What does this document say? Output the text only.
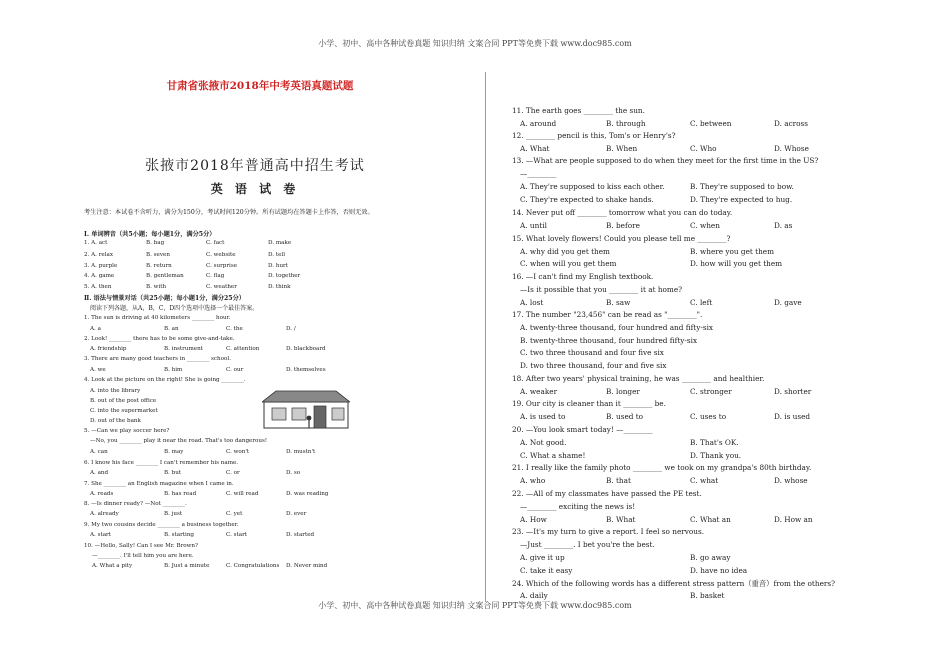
小学、初中、高中各种试卷真题 知识归纳 文案合同 PPT等免费下载 www.doc985.com
甘肃省张掖市2018年中考英语真题试题
张掖市2018年普通高中招生考试
英 语 试 卷
考生注意：本试卷不含听力，满分为150分，考试时间120分钟。所有试题均在答题卡上作答，否则无效。
I. 单词辨音（共5小题；每小题1分，满分5分）
Ⅱ. 语法与情景对话（共25小题；每小题1分，满分25分）
阅读下列各题，从A，B，C，D四个选项中选择一个最佳答案。
1. A. act	B. bag	C. fact	D. make
2. A. relax	B. seven	C. website	D. tell
3. A. purple	B. return	C. surprise	D. hurt
4. A. game	B. gentleman	C. flag	D. together
5. A. then	B. with	C. weather	D. think
1. The sun is driving at 40 kilometers ________ hour.
A. a	B. an	C. the	D. /
2. Look! ________ there has to be some give-and-take.
A. friendship	B. instrument	C. attention	D. blackboard
3. There are many good teachers in ________ school.
A. we	B. him	C. our	D. themselves
4. Look at the picture on the right! She is going ________.
A. into the library
B. out of the post office
C. into the supermarket
D. out of the bank
5. —Can we play soccer here?
—No, you ________ play it near the road. That's too dangerous!
A. can	B. may	C. won't	D. mustn't
6. I know his face ________ I can't remember his name.
A. and	B. but	C. or	D. so
7. She ________ an English magazine when I came in.
A. reads	B. has read	C. will read	D. was reading
8. —Is dinner ready? —Not ________.
A. already	B. just	C. yet	D. ever
9. My two cousins decide ________ a business together.
A. start	B. starting	C. start	D. started
10. —Hello, Sally! Can I see Mr. Brown?
—________. I'll tell him you are here.
A. What a pity	B. Just a minute	C. Congratulations D. Never mind
11. The earth goes ________ the sun.
A. around	B. through	C. between	D. across
12. ________ pencil is this, Tom's or Henry's?
A. What	B. When	C. Who	D. Whose
13. —What are people supposed to do when they meet for the first time in the US?
—________
A. They're supposed to kiss each other.	B. They're supposed to bow.
C. They're expected to shake hands.	D. They're expected to hug.
14. Never put off ________ tomorrow what you can do today.
A. until	B. before	C. when	D. as
15. What lovely flowers! Could you please tell me ________?
A. why did you get them	B. where you get them
C. when will you get them	D. how will you get them
16. —I can't find my English textbook.
—Is it possible that you ________ it at home?
A. lost	B. saw	C. left	D. gave
17. The number "23,456" can be read as "________".
A. twenty-three thousand, four hundred and fifty-six
B. twenty-three thousand, four hundred fifty-six
C. two three thousand and four five six
D. two three thousand, four and five six
18. After two years' physical training, he was ________ and healthier.
A. weaker	B. longer	C. stronger	D. shorter
19. Our city is cleaner than it ________ be.
A. is used to	B. used to	C. uses to	D. is used
20. —You look smart today! —________
A. Not good.	B. That's OK.
C. What a shame!	D. Thank you.
21. I really like the family photo ________ we took on my grandpa's 80th birthday.
A. who	B. that	C. what	D. whose
22. —All of my classmates have passed the PE test.
—________ exciting the news is!
A. How	B. What	C. What an	D. How an
23. —It's my turn to give a report. I feel so nervous.
—Just ________. I bet you're the best.
A. give it up	B. go away
C. take it easy	D. have no idea
24. Which of the following words has a different stress pattern（重音）from the others?
A. daily	B. basket
小学、初中、高中各种试卷真题 知识归纳 文案合同 PPT等免费下载 www.doc985.com
